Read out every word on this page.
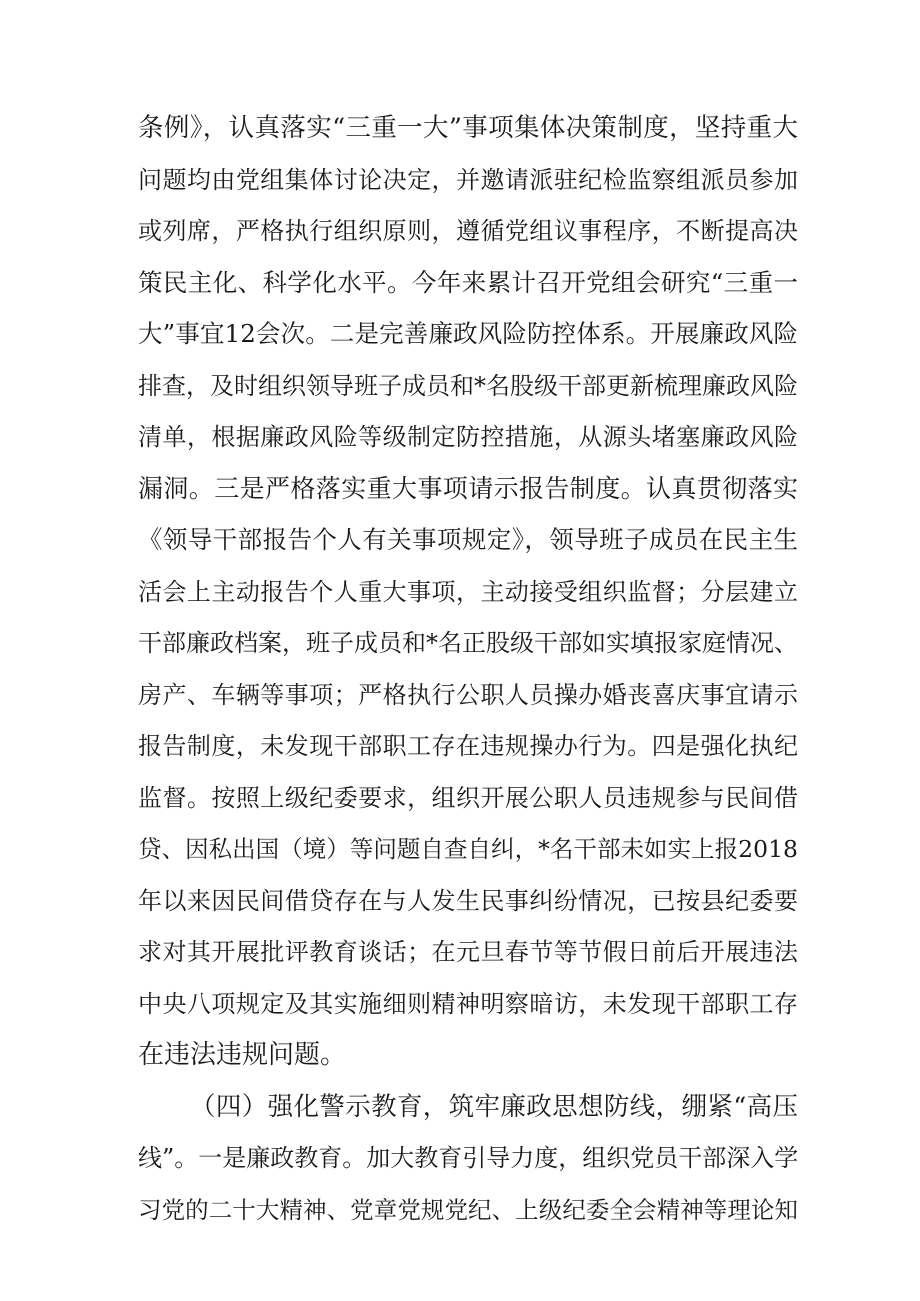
条例》，认真落实“三重一大”事项集体决策制度，坚持重大
问题均由党组集体讨论决定，并邀请派驻纪检监察组派员参加
或列席，严格执行组织原则，遵循党组议事程序，不断提高决
策民主化、科学化水平。今年来累计召开党组会研究“三重一
大”事宜12会次。二是完善廉政风险防控体系。开展廉政风险
排查，及时组织领导班子成员和*名股级干部更新梳理廉政风险
清单，根据廉政风险等级制定防控措施，从源头堵塞廉政风险
漏洞。三是严格落实重大事项请示报告制度。认真贯彻落实
《领导干部报告个人有关事项规定》，领导班子成员在民主生
活会上主动报告个人重大事项，主动接受组织监督；分层建立
干部廉政档案，班子成员和*名正股级干部如实填报家庭情况、
房产、车辆等事项；严格执行公职人员操办婚丧喜庆事宜请示
报告制度，未发现干部职工存在违规操办行为。四是强化执纪
监督。按照上级纪委要求，组织开展公职人员违规参与民间借
贷、因私出国（境）等问题自查自纠，*名干部未如实上报2018
年以来因民间借贷存在与人发生民事纠纷情况，已按县纪委要
求对其开展批评教育谈话；在元旦春节等节假日前后开展违法
中央八项规定及其实施细则精神明察暗访，未发现干部职工存
在违法违规问题。
（四）强化警示教育，筑牢廉政思想防线，绷紧“高压
线”。一是廉政教育。加大教育引导力度，组织党员干部深入学
习党的二十大精神、党章党规党纪、上级纪委全会精神等理论知
